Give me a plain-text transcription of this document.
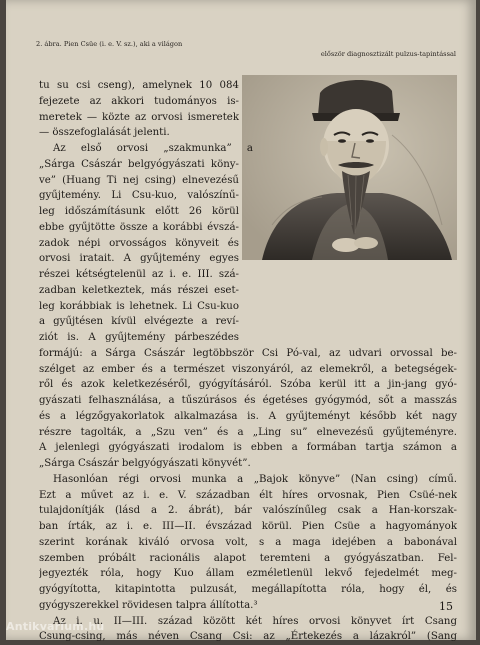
2. ábra. Pien Csüe (i. e. V. sz.), aki a világon
először diagnosztizált pulzus-tapintással
tu su csi cseng), amelynek 10 084
fejezete az akkori tudományos is-
meretek — közte az orvosi ismeretek
— összefoglalását jelenti.
Az első orvosi „szakmunka” a
„Sárga Császár belgyógyászati köny-
ve” (Huang Ti nej csing) elnevezésű
gyűjtemény. Li Csu-kuo, valószínű-
leg időszámításunk előtt 26 körül
ebbe gyűjtötte össze a korábbi évszá-
zadok népi orvosságos könyveit és
orvosi iratait. A gyűjtemény egyes
részei kétségtelenül az i. e. III. szá-
zadban keletkeztek, más részei eset-
leg korábbiak is lehetnek. Li Csu-kuo
a gyűjtésen kívül elvégezte a reví-
ziót is. A gyűjtemény párbeszédes
formájú: a Sárga Császár legtöbbször Csi Pó-val, az udvari orvossal be-
szélget az ember és a természet viszonyáról, az elemekről, a betegségek-
ről és azok keletkezéséről, gyógyításáról. Szóba kerül itt a jin-jang gyó-
gyászati felhasználása, a tűszúrásos és égetéses gyógymód, sőt a masszás
és a légzőgyakorlatok alkalmazása is. A gyűjteményt később két nagy
részre tagolták, a „Szu ven” és a „Ling su” elnevezésű gyűjteményre.
A jelenlegi gyógyászati irodalom is ebben a formában tartja számon a
„Sárga Császár belgyógyászati könyvét”.
Hasonlóan régi orvosi munka a „Bajok könyve” (Nan csing) című.
Ezt a művet az i. e. V. században élt híres orvosnak, Pien Csüé-nek
tulajdonítják (lásd a 2. ábrát), bár valószínűleg csak a Han-korszak-
ban írták, az i. e. III—II. évszázad körül. Pien Csüe a hagyományok
szerint korának kiváló orvosa volt, s a maga idejében a babonával
szemben próbált racionális alapot teremteni a gyógyászatban. Fel-
jegyezték róla, hogy Kuo állam ezméletlenül lekvő fejedelmét meg-
gyógyította, kitapintotta pulzusát, megállapította róla, hogy él, és
gyógyszerekkel rövidesen talpra állította.³
Az i. u. II—III. század között két híres orvosi könyvet írt Csang
Csung-csing, más néven Csang Csi: az „Értekezés a lázakról” (Sang
15
Antikvarium.hu
